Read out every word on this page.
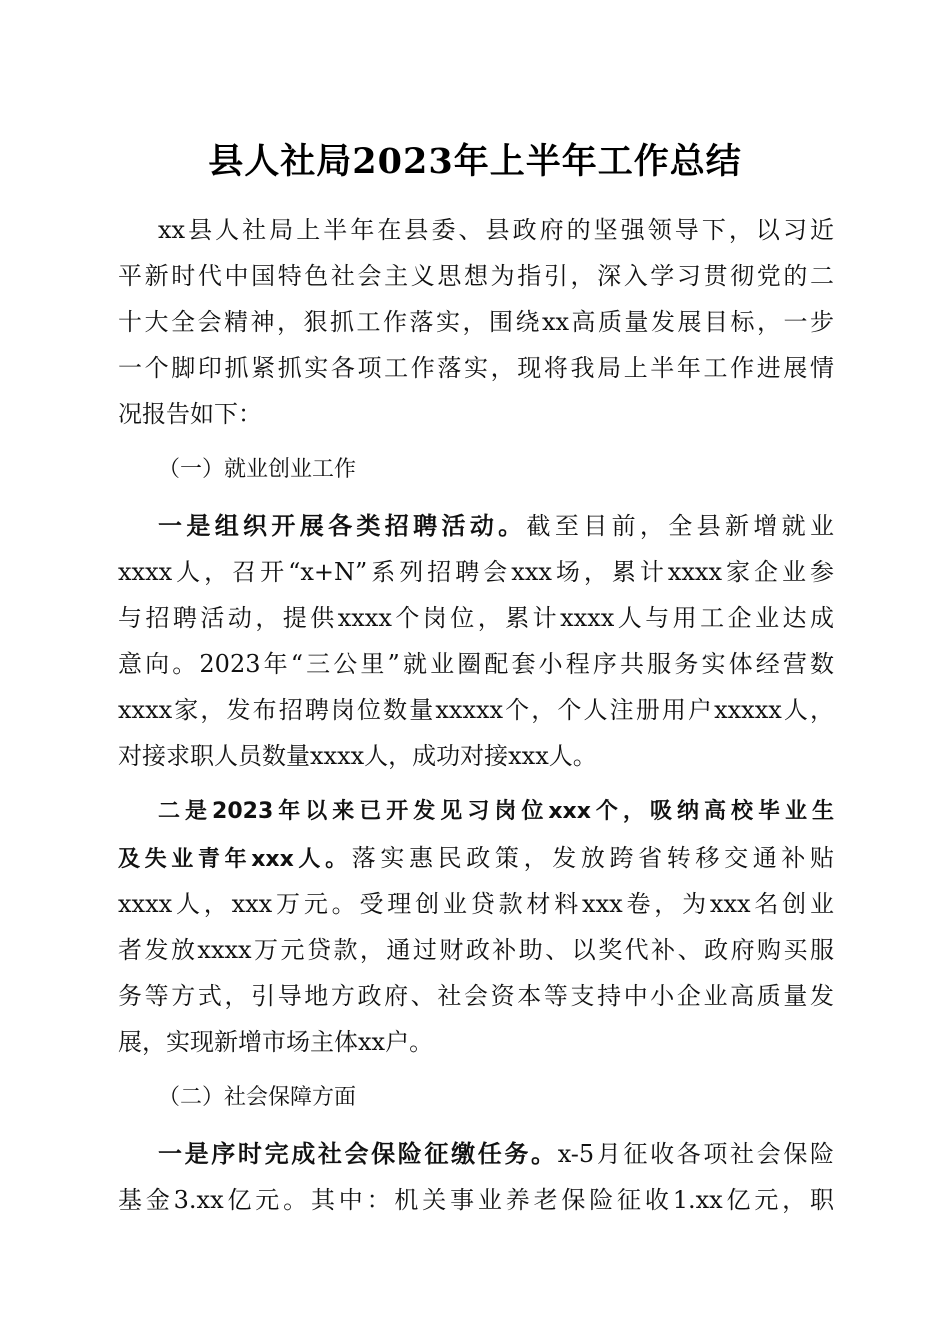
县人社局2023年上半年工作总结
xx县人社局上半年在县委、县政府的坚强领导下，以习近
平新时代中国特色社会主义思想为指引，深入学习贯彻党的二
十大全会精神，狠抓工作落实，围绕xx高质量发展目标，一步
一个脚印抓紧抓实各项工作落实，现将我局上半年工作进展情
况报告如下：
（一）就业创业工作
一是组织开展各类招聘活动。截至目前，全县新增就业
xxxx人，召开“x+N”系列招聘会xxx场，累计xxxx家企业参
与招聘活动，提供xxxx个岗位，累计xxxx人与用工企业达成
意向。2023年“三公里”就业圈配套小程序共服务实体经营数
xxxx家，发布招聘岗位数量xxxxx个，个人注册用户xxxxx人，
对接求职人员数量xxxx人，成功对接xxx人。
二是2023年以来已开发见习岗位xxx个，吸纳高校毕业生
及失业青年xxx人。落实惠民政策，发放跨省转移交通补贴
xxxx人，xxx万元。受理创业贷款材料xxx卷，为xxx名创业
者发放xxxx万元贷款，通过财政补助、以奖代补、政府购买服
务等方式，引导地方政府、社会资本等支持中小企业高质量发
展，实现新增市场主体xx户。
（二）社会保障方面
一是序时完成社会保险征缴任务。x-5月征收各项社会保险
基金3.xx亿元。其中：机关事业养老保险征收1.xx亿元，职
